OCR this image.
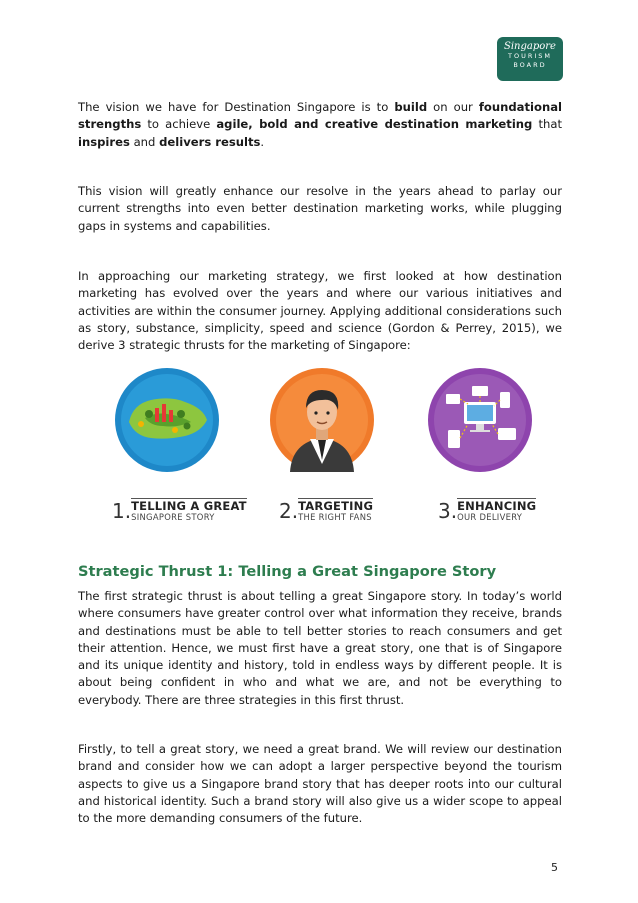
Singapore
TOURISM
BOARD

The vision we have for Destination Singapore is to build on our foundational strengths to achieve agile, bold and creative destination marketing that inspires and delivers results.

This vision will greatly enhance our resolve in the years ahead to parlay our current strengths into even better destination marketing works, while plugging gaps in systems and capabilities.

In approaching our marketing strategy, we first looked at how destination marketing has evolved over the years and where our various initiatives and activities are within the consumer journey. Applying additional considerations such as story, substance, simplicity, speed and science (Gordon & Perrey, 2015), we derive 3 strategic thrusts for the marketing of Singapore:

1. TELLING A GREAT
SINGAPORE STORY	2. TARGETING
THE RIGHT FANS	3. ENHANCING
OUR DELIVERY
Strategic Thrust 1: Telling a Great Singapore Story

The first strategic thrust is about telling a great Singapore story. In today’s world where consumers have greater control over what information they receive, brands and destinations must be able to tell better stories to reach consumers and get their attention. Hence, we must first have a great story, one that is of Singapore and its unique identity and history, told in endless ways by different people. It is about being confident in who and what we are, and not be everything to everybody. There are three strategies in this first thrust.

Firstly, to tell a great story, we need a great brand. We will review our destination brand and consider how we can adopt a larger perspective beyond the tourism aspects to give us a Singapore brand story that has deeper roots into our cultural and historical identity. Such a brand story will also give us a wider scope to appeal to the more demanding consumers of the future.

5
